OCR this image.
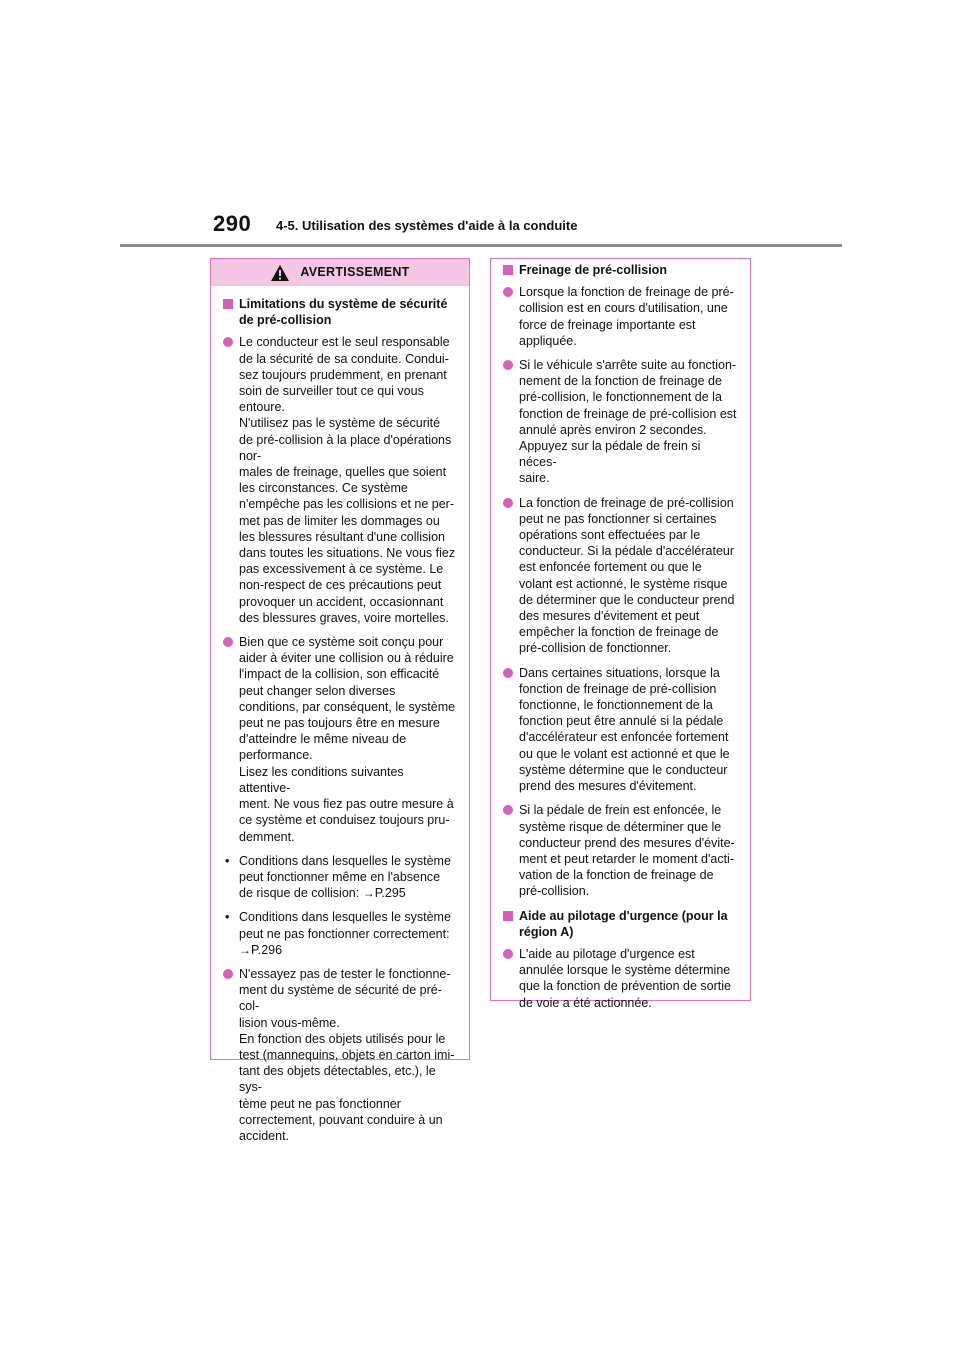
290 4-5. Utilisation des systèmes d'aide à la conduite
AVERTISSEMENT
Limitations du système de sécurité de pré-collision
Le conducteur est le seul responsable de la sécurité de sa conduite. Condui-
sez toujours prudemment, en prenant soin de surveiller tout ce qui vous entoure.
N'utilisez pas le système de sécurité de pré-collision à la place d'opérations nor-
males de freinage, quelles que soient les circonstances. Ce système n'empêche pas les collisions et ne per-
met pas de limiter les dommages ou les blessures résultant d'une collision dans toutes les situations. Ne vous fiez pas excessivement à ce système. Le non-respect de ces précautions peut provoquer un accident, occasionnant des blessures graves, voire mortelles.
Bien que ce système soit conçu pour aider à éviter une collision ou à réduire l'impact de la collision, son efficacité peut changer selon diverses conditions, par conséquent, le système peut ne pas toujours être en mesure d'atteindre le même niveau de performance.
Lisez les conditions suivantes attentive-
ment. Ne vous fiez pas outre mesure à ce système et conduisez toujours pru-
demment.
• Conditions dans lesquelles le système peut fonctionner même en l'absence de risque de collision: →P.295
• Conditions dans lesquelles le système peut ne pas fonctionner correctement:
→P.296
N'essayez pas de tester le fonctionne-
ment du système de sécurité de pré-col-
lision vous-même.
En fonction des objets utilisés pour le test (mannequins, objets en carton imi-
tant des objets détectables, etc.), le sys-
tème peut ne pas fonctionner correctement, pouvant conduire à un accident.
Freinage de pré-collision
Lorsque la fonction de freinage de pré-collision est en cours d'utilisation, une force de freinage importante est appliquée.
Si le véhicule s'arrête suite au fonction-
nement de la fonction de freinage de pré-collision, le fonctionnement de la fonction de freinage de pré-collision est annulé après environ 2 secondes. Appuyez sur la pédale de frein si néces-
saire.
La fonction de freinage de pré-collision peut ne pas fonctionner si certaines opérations sont effectuées par le conducteur. Si la pédale d'accélérateur est enfoncée fortement ou que le volant est actionné, le système risque de déterminer que le conducteur prend des mesures d'évitement et peut empêcher la fonction de freinage de pré-collision de fonctionner.
Dans certaines situations, lorsque la fonction de freinage de pré-collision fonctionne, le fonctionnement de la fonction peut être annulé si la pédale d'accélérateur est enfoncée fortement ou que le volant est actionné et que le système détermine que le conducteur prend des mesures d'évitement.
Si la pédale de frein est enfoncée, le système risque de déterminer que le conducteur prend des mesures d'évite-
ment et peut retarder le moment d'acti-
vation de la fonction de freinage de pré-collision.
Aide au pilotage d'urgence (pour la région A)
L'aide au pilotage d'urgence est annulée lorsque le système détermine que la fonction de prévention de sortie de voie a été actionnée.
